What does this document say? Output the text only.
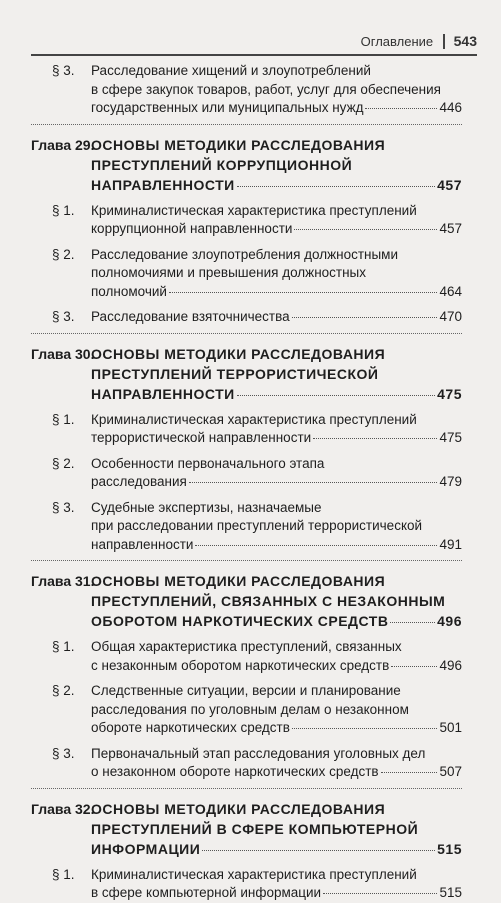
Оглавление 543
§ 3. Расследование хищений и злоупотреблений
в сфере закупок товаров, работ, услуг для обеспечения
государственных или муниципальных нужд	446
Глава 29.
ОСНОВЫ МЕТОДИКИ РАССЛЕДОВАНИЯ
ПРЕСТУПЛЕНИЙ КОРРУПЦИОННОЙ
НАПРАВЛЕННОСТИ	457
§ 1. Криминалистическая характеристика преступлений
коррупционной направленности	457
§ 2. Расследование злоупотребления должностными
полномочиями и превышения должностных
полномочий	464
§ 3. Расследование взяточничества	470
Глава 30.
ОСНОВЫ МЕТОДИКИ РАССЛЕДОВАНИЯ
ПРЕСТУПЛЕНИЙ ТЕРРОРИСТИЧЕСКОЙ
НАПРАВЛЕННОСТИ	475
§ 1. Криминалистическая характеристика преступлений
террористической направленности	475
§ 2. Особенности первоначального этапа
расследования	479
§ 3. Судебные экспертизы, назначаемые
при расследовании преступлений террористической
направленности	491
Глава 31.
ОСНОВЫ МЕТОДИКИ РАССЛЕДОВАНИЯ
ПРЕСТУПЛЕНИЙ, СВЯЗАННЫХ С НЕЗАКОННЫМ
ОБОРОТОМ НАРКОТИЧЕСКИХ СРЕДСТВ	496
§ 1. Общая характеристика преступлений, связанных
с незаконным оборотом наркотических средств	496
§ 2. Следственные ситуации, версии и планирование
расследования по уголовным делам о незаконном
обороте наркотических средств	501
§ 3. Первоначальный этап расследования уголовных дел
о незаконном обороте наркотических средств	507
Глава 32.
ОСНОВЫ МЕТОДИКИ РАССЛЕДОВАНИЯ
ПРЕСТУПЛЕНИЙ В СФЕРЕ КОМПЬЮТЕРНОЙ
ИНФОРМАЦИИ	515
§ 1. Криминалистическая характеристика преступлений
в сфере компьютерной информации	515
